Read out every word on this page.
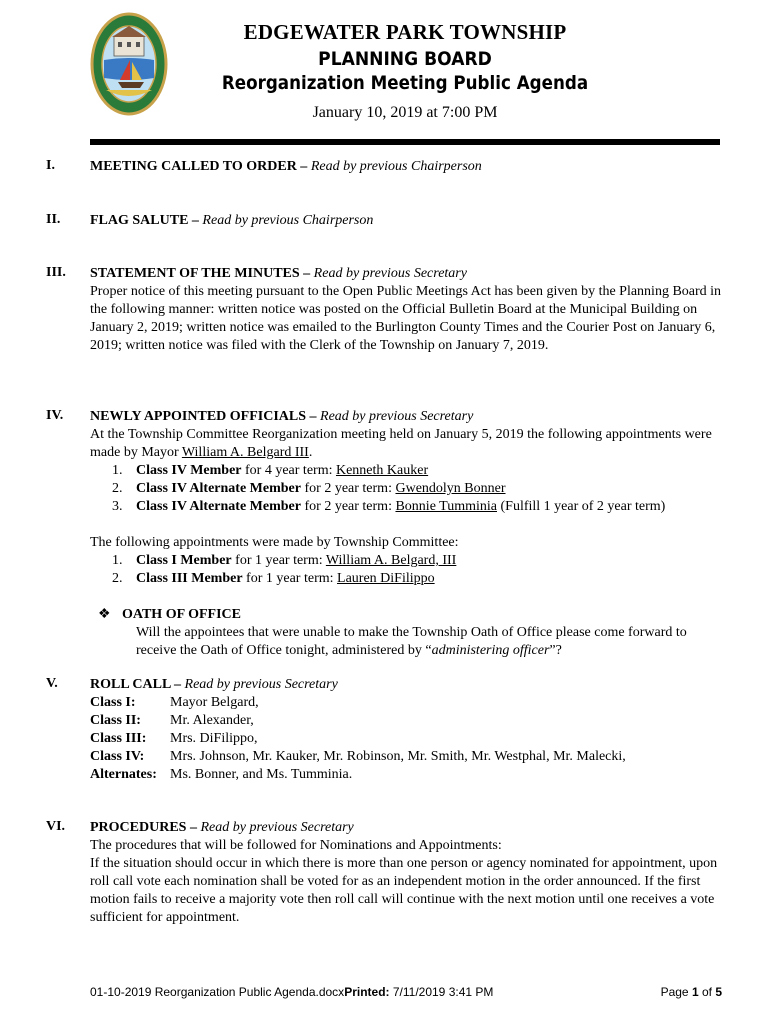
EDGEWATER PARK TOWNSHIP
PLANNING BOARD
Reorganization Meeting Public Agenda
January 10, 2019 at 7:00 PM
I.	MEETING CALLED TO ORDER – Read by previous Chairperson
II. FLAG SALUTE – Read by previous Chairperson
III. STATEMENT OF THE MINUTES – Read by previous Secretary
Proper notice of this meeting pursuant to the Open Public Meetings Act has been given by the Planning Board in the following manner: written notice was posted on the Official Bulletin Board at the Municipal Building on January 2, 2019; written notice was emailed to the Burlington County Times and the Courier Post on January 6, 2019; written notice was filed with the Clerk of the Township on January 7, 2019.
IV. NEWLY APPOINTED OFFICIALS – Read by previous Secretary
At the Township Committee Reorganization meeting held on January 5, 2019 the following appointments were made by Mayor William A. Belgard III.
1. Class IV Member for 4 year term: Kenneth Kauker
2. Class IV Alternate Member for 2 year term: Gwendolyn Bonner
3. Class IV Alternate Member for 2 year term: Bonnie Tumminia (Fulfill 1 year of 2 year term)
The following appointments were made by Township Committee:
1. Class I Member for 1 year term: William A. Belgard, III
2. Class III Member for 1 year term: Lauren DiFilippo
❖ OATH OF OFFICE
Will the appointees that were unable to make the Township Oath of Office please come forward to receive the Oath of Office tonight, administered by “administering officer”?
V. ROLL CALL – Read by previous Secretary
Class I:	Mayor Belgard,
Class II:	Mr. Alexander,
Class III:	Mrs. DiFilippo,
Class IV:	Mrs. Johnson, Mr. Kauker, Mr. Robinson, Mr. Smith, Mr. Westphal, Mr. Malecki,
Alternates: Ms. Bonner, and Ms. Tumminia.
VI. PROCEDURES – Read by previous Secretary
The procedures that will be followed for Nominations and Appointments:
If the situation should occur in which there is more than one person or agency nominated for appointment, upon roll call vote each nomination shall be voted for as an independent motion in the order announced. If the first motion fails to receive a majority vote then roll call will continue with the next motion until one receives a vote sufficient for appointment.
01-10-2019 Reorganization Public Agenda.docxPrinted: 7/11/2019 3:41 PM	Page 1 of 5
